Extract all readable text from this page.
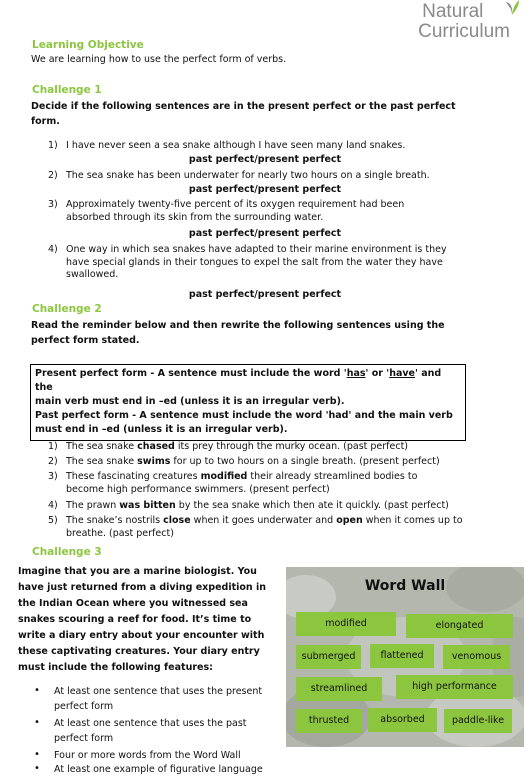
Natural
Curriculum
Learning Objective
We are learning how to use the perfect form of verbs.
Challenge 1
Decide if the following sentences are in the present perfect or the past perfect
form.
1) I have never seen a sea snake although I have seen many land snakes.
past perfect/present perfect
2) The sea snake has been underwater for nearly two hours on a single breath.
past perfect/present perfect
3) Approximately twenty-five percent of its oxygen requirement had been
absorbed through its skin from the surrounding water.
past perfect/present perfect
4) One way in which sea snakes have adapted to their marine environment is they
have special glands in their tongues to expel the salt from the water they have
swallowed.
past perfect/present perfect
Challenge 2
Read the reminder below and then rewrite the following sentences using the
perfect form stated.
Present perfect form - A sentence must include the word 'has' or 'have' and the
main verb must end in –ed (unless it is an irregular verb).
Past perfect form - A sentence must include the word 'had' and the main verb
must end in –ed (unless it is an irregular verb).
1) The sea snake chased its prey through the murky ocean. (past perfect)
2) The sea snake swims for up to two hours on a single breath. (present perfect)
3) These fascinating creatures modified their already streamlined bodies to
become high performance swimmers. (present perfect)
4) The prawn was bitten by the sea snake which then ate it quickly. (past perfect)
5) The snake’s nostrils close when it goes underwater and open when it comes up to
breathe. (past perfect)
Challenge 3
Imagine that you are a marine biologist. You
have just returned from a diving expedition in
the Indian Ocean where you witnessed sea
snakes scouring a reef for food. It’s time to
write a diary entry about your encounter with
these captivating creatures. Your diary entry
must include the following features:
•	At least one sentence that uses the present
perfect form
•	At least one sentence that uses the past
perfect form
•	Four or more words from the Word Wall
•	At least one example of figurative language
Word Wall
modified	elongated
submerged	flattened	venomous
streamlined	high performance
thrusted	absorbed	paddle-like
